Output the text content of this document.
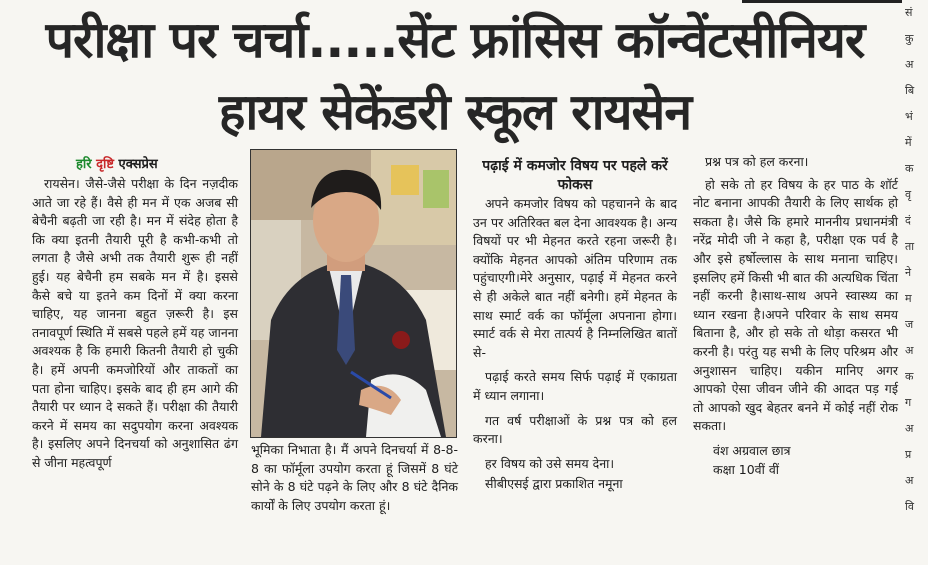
परीक्षा पर चर्चा.....सेंट फ्रांसिस कॉन्वेंटसीनियर
हायर सेकेंडरी स्कूल रायसेन
हरि दृष्टि एक्सप्रेस

रायसेन। जैसे-जैसे परीक्षा के दिन नज़दीक आते जा रहे हैं। वैसे ही मन में एक अजब सी बेचैनी बढ़ती जा रही है। मन में संदेह होता है कि क्या इतनी तैयारी पूरी है कभी-कभी तो लगता है जैसे अभी तक तैयारी शुरू ही नहीं हुई। यह बेचैनी हम सबके मन में है। इससे कैसे बचे या इतने कम दिनों में क्या करना चाहिए, यह जानना बहुत ज़रूरी है। इस तनावपूर्ण स्थिति में सबसे पहले हमें यह जानना अवश्यक है कि हमारी कितनी तैयारी हो चुकी है। हमें अपनी कमजोरियों और ताकतों का पता होना चाहिए। इसके बाद ही हम आगे की तैयारी पर ध्यान दे सकते हैं। परीक्षा की तैयारी करने में समय का सदुपयोग करना अवश्यक है। इसलिए अपने दिनचर्या को अनुशासित ढंग से जीना महत्वपूर्ण

भूमिका निभाता है। मैं अपने दिनचर्या में 8-8-8 का फॉर्मूला उपयोग करता हूं जिसमें 8 घंटे सोने के 8 घंटे पढ़ने के लिए और 8 घंटे दैनिक कार्यों के लिए उपयोग करता हूं।

पढ़ाई में कमजोर विषय पर पहले करें फोकस

अपने कमजोर विषय को पहचानने के बाद उन पर अतिरिक्त बल देना आवश्यक है। अन्य विषयों पर भी मेहनत करते रहना जरूरी है। क्योंकि मेहनत आपको अंतिम परिणाम तक पहुंचाएगी।मेरे अनुसार, पढ़ाई में मेहनत करने से ही अकेले बात नहीं बनेगी। हमें मेहनत के साथ स्मार्ट वर्क का फॉर्मूला अपनाना होगा। स्मार्ट वर्क से मेरा तात्पर्य है निम्नलिखित बातों से-

पढ़ाई करते समय सिर्फ पढ़ाई में एकाग्रता में ध्यान लगाना।

गत वर्ष परीक्षाओं के प्रश्न पत्र को हल करना।

हर विषय को उसे समय देना।

सीबीएसई द्वारा प्रकाशित नमूना

प्रश्न पत्र को हल करना।

हो सके तो हर विषय के हर पाठ के शॉर्ट नोट बनाना आपकी तैयारी के लिए सार्थक हो सकता है। जैसे कि हमारे माननीय प्रधानमंत्री नरेंद्र मोदी जी ने कहा है, परीक्षा एक पर्व है और इसे हर्षोल्लास के साथ मनाना चाहिए। इसलिए हमें किसी भी बात की अत्यधिक चिंता नहीं करनी है।साथ-साथ अपने स्वास्थ्य का ध्यान रखना है।अपने परिवार के साथ समय बिताना है, और हो सके तो थोड़ा कसरत भी करनी है। परंतु यह सभी के लिए परिश्रम और अनुशासन चाहिए। यकीन मानिए अगर आपको ऐसा जीवन जीने की आदत पड़ गई तो आपको खुद बेहतर बनने में कोई नहीं रोक सकता।

वंश अग्रवाल छात्र

कक्षा 10वीं वीं

सं
कु
अ
बि
भं
में
क
वृ
दं
ता
ने
म
ज
अ
क
ग
अ
प्र
अ
वि
